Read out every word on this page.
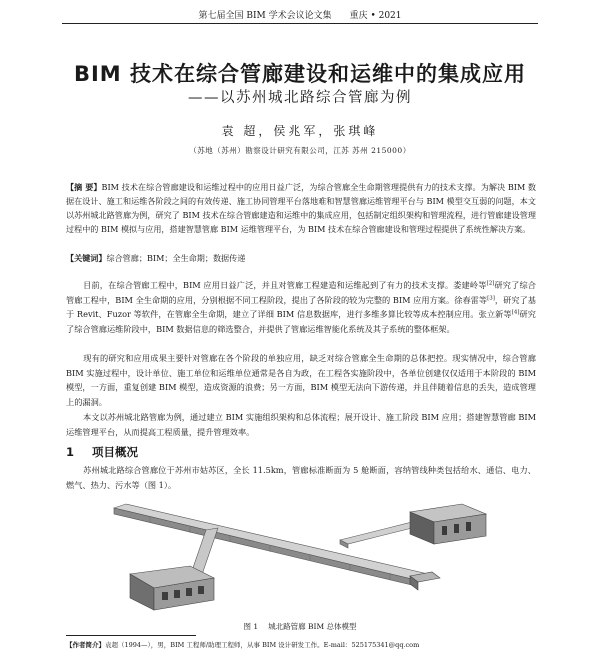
第七届全国 BIM 学术会议论文集 重庆 • 2021
BIM 技术在综合管廊建设和运维中的集成应用
——以苏州城北路综合管廊为例
袁 超，侯兆军，张琪峰
（苏地（苏州）勘察设计研究有限公司，江苏 苏州 215000）
【摘 要】BIM 技术在综合管廊建设和运维过程中的应用日益广泛，为综合管廊全生命期管理提供有力的技术支撑。为解决 BIM 数据在设计、施工和运维各阶段之间的有效传递、施工协同管理平台落地难和智慧管廊运维管理平台与 BIM 模型交互弱的问题，本文以苏州城北路管廊为例，研究了 BIM 技术在综合管廊建造和运维中的集成应用，包括制定组织架构和管理流程，进行管廊建设管理过程中的 BIM 模拟与应用，搭建智慧管廊 BIM 运维管理平台，为 BIM 技术在综合管廊建设和管理过程提供了系统性解决方案。
【关键词】综合管廊；BIM；全生命期；数据传递
目前，在综合管廊工程中，BIM 应用日益广泛，并且对管廊工程建造和运维起到了有力的技术支撑。娄建岭等[2]研究了综合管廊工程中，BIM 全生命期的应用，分别根据不同工程阶段，提出了各阶段的较为完整的 BIM 应用方案。徐春雷等[3]，研究了基于 Revit、Fuzor 等软件，在管廊全生命期，建立了详细 BIM 信息数据库，进行多维多算比较等成本控制应用。张立新等[4]研究了综合管廊运维阶段中，BIM 数据信息的筛选整合，并提供了管廊运维智能化系统及其子系统的整体框架。
现有的研究和应用成果主要针对管廊在各个阶段的单独应用，缺乏对综合管廊全生命期的总体把控。现实情况中，综合管廊 BIM 实施过程中，设计单位、施工单位和运维单位通常是各自为政，在工程各实施阶段中，各单位创建仅仅适用于本阶段的 BIM 模型，一方面，重复创建 BIM 模型，造成资源的浪费；另一方面，BIM 模型无法向下游传递，并且伴随着信息的丢失，造成管理上的漏洞。
本文以苏州城北路管廊为例，通过建立 BIM 实施组织架构和总体流程；展开设计、施工阶段 BIM 应用；搭建智慧管廊 BIM 运维管理平台，从而提高工程质量，提升管理效率。
1 项目概况
苏州城北路综合管廊位于苏州市姑苏区，全长 11.5km，管廊标准断面为 5 舱断面，容纳管线种类包括给水、通信、电力、燃气、热力、污水等（图 1）。
图 1 城北路管廊 BIM 总体模型
【作者简介】袁超（1994—），男，BIM 工程师/助理工程师，从事 BIM 设计研发工作。E-mail：525175341@qq.com
